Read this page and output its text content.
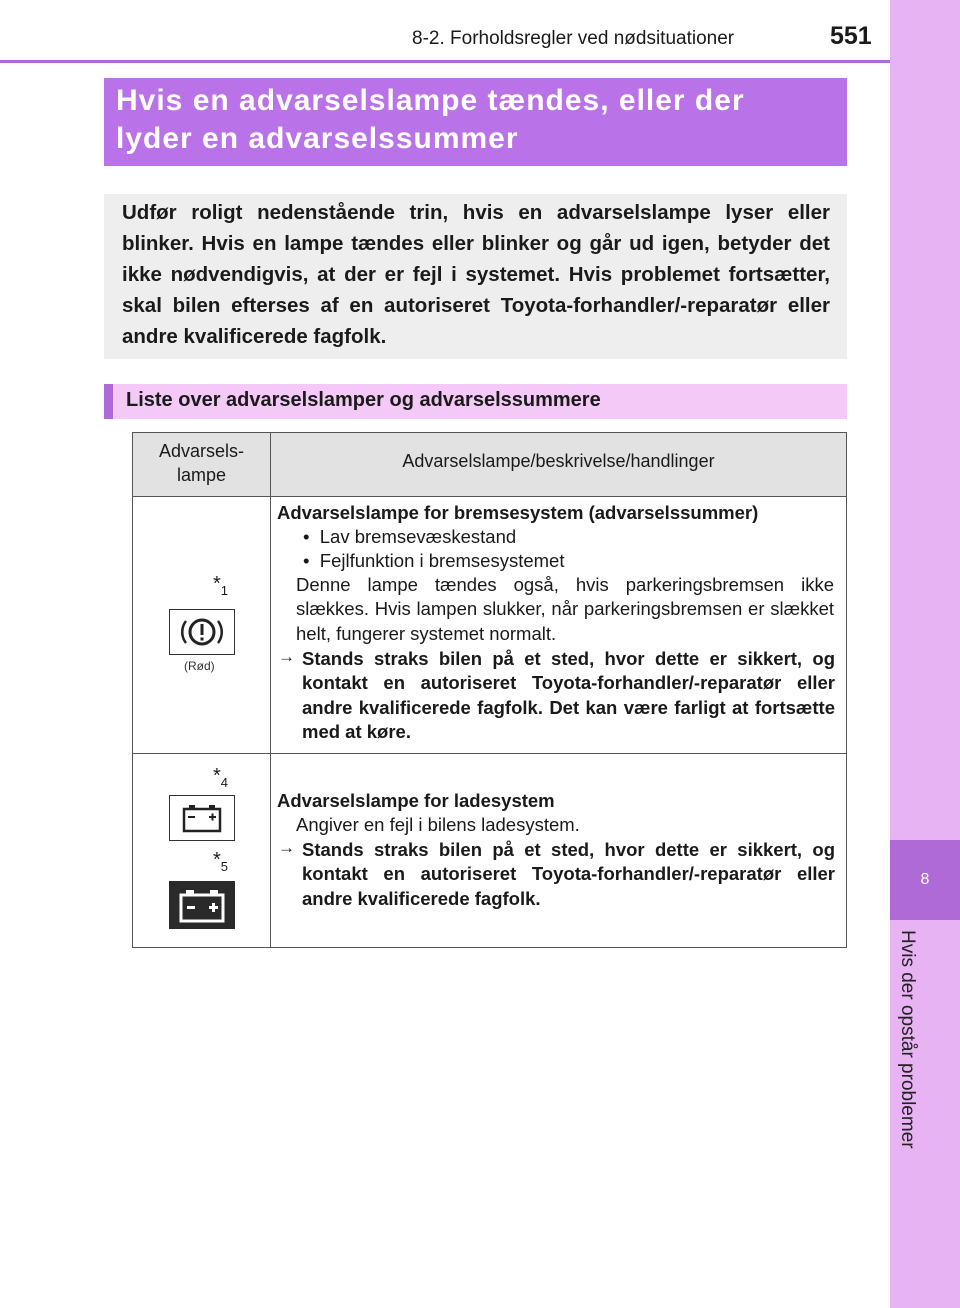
8
Hvis der opstår problemer
8-2. Forholdsregler ved nødsituationer	551
Hvis en advarselslampe tændes, eller der
lyder en advarselssummer
Udfør roligt nedenstående trin, hvis en advarselslampe lyser eller blinker. Hvis en lampe tændes eller blinker og går ud igen, betyder det ikke nødvendigvis, at der er fejl i systemet. Hvis problemet fortsætter, skal bilen efterses af en autoriseret Toyota-forhandler/-reparatør eller andre kvalificerede fagfolk.
Liste over advarselslamper og advarselssummere
Advarsels-
lampe
Advarselslampe/beskrivelse/handlinger
$*_1$
(Rød)
Advarselslampe for bremsesystem (advarselssummer)
•  Lav bremsevæskestand
•  Fejlfunktion i bremsesystemet
Denne lampe tændes også, hvis parkeringsbremsen ikke slækkes. Hvis lampen slukker, når parkeringsbremsen er slækket helt, fungerer systemet normalt.
→ Stands straks bilen på et sted, hvor dette er sikkert, og kontakt en autoriseret Toyota-forhandler/-reparatør eller andre kvalificerede fagfolk. Det kan være farligt at fortsætte med at køre.
$*_4$
$*_5$
Advarselslampe for ladesystem
Angiver en fejl i bilens ladesystem.
→ Stands straks bilen på et sted, hvor dette er sikkert, og kontakt en autoriseret Toyota-forhandler/-reparatør eller andre kvalificerede fagfolk.
